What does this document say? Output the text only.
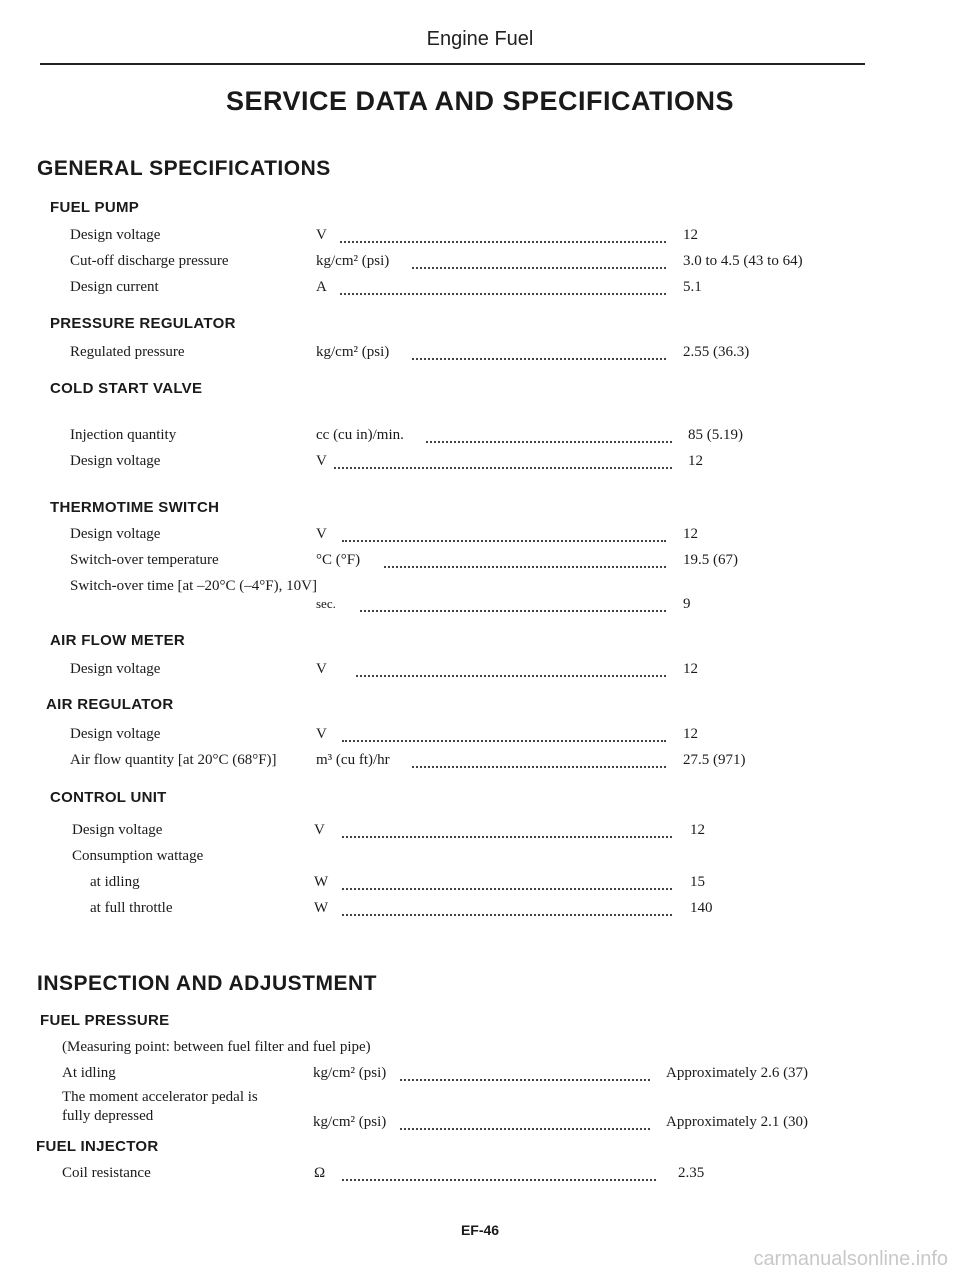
Engine Fuel
SERVICE DATA AND SPECIFICATIONS
GENERAL SPECIFICATIONS
FUEL PUMP
Design voltage	V	12
Cut-off discharge pressure	kg/cm² (psi)	3.0 to 4.5 (43 to 64)
Design current	A	5.1
PRESSURE REGULATOR
Regulated pressure	kg/cm² (psi)	2.55 (36.3)
COLD START VALVE
Injection quantity	cc (cu in)/min.	85 (5.19)
Design voltage	V	12
THERMOTIME SWITCH
Design voltage	V	12
Switch-over temperature	°C (°F)	19.5 (67)
Switch-over time [at –20°C (–4°F), 10V]
sec.	9
AIR FLOW METER
Design voltage	V	12
AIR REGULATOR
Design voltage	V	12
Air flow quantity [at 20°C (68°F)]	m³ (cu ft)/hr	27.5 (971)
CONTROL UNIT
Design voltage	V	12
Consumption wattage
at idling	W	15
at full throttle	W	140
INSPECTION AND ADJUSTMENT
FUEL PRESSURE
(Measuring point: between fuel filter and fuel pipe)
At idling	kg/cm² (psi)	Approximately 2.6 (37)
The moment accelerator pedal is
fully depressed	kg/cm² (psi)	Approximately 2.1 (30)
FUEL INJECTOR
Coil resistance	Ω	2.35
EF-46
carmanualsonline.info
